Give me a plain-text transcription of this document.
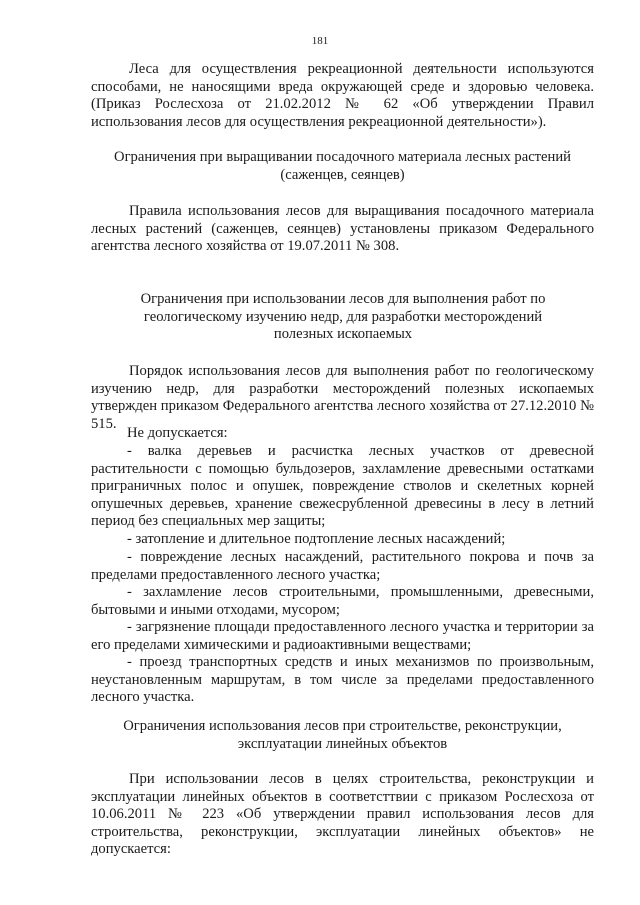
181

Леса для осуществления рекреационной деятельности используются способами, не наносящими вреда окружающей среде и здоровью человека. (Приказ Рослесхоза от 21.02.2012 № 62 «Об утверждении Правил использования лесов для осуществления рекреационной деятельности»).

Ограничения при выращивании посадочного материала лесных растений (саженцев, сеянцев)

Правила использования лесов для выращивания посадочного материала лесных растений (саженцев, сеянцев) установлены приказом Федерального агентства лесного хозяйства от 19.07.2011 № 308.

Ограничения при использовании лесов для выполнения работ по геологическому изучению недр, для разработки месторождений полезных ископаемых

Порядок использования лесов для выполнения работ по геологическому изучению недр, для разработки месторождений полезных ископаемых утвержден приказом Федерального агентства лесного хозяйства от 27.12.2010 № 515.

Не допускается:

- валка деревьев и расчистка лесных участков от древесной растительности с помощью бульдозеров, захламление древесными остатками приграничных полос и опушек, повреждение стволов и скелетных корней опушечных деревьев, хранение свежесрубленной древесины в лесу в летний период без специальных мер защиты;

- затопление и длительное подтопление лесных насаждений;

- повреждение лесных насаждений, растительного покрова и почв за пределами предоставленного лесного участка;

- захламление лесов строительными, промышленными, древесными, бытовыми и иными отходами, мусором;

- загрязнение площади предоставленного лесного участка и территории за его пределами химическими и радиоактивными веществами;

- проезд транспортных средств и иных механизмов по произвольным, неустановленным маршрутам, в том числе за пределами предоставленного лесного участка.

Ограничения использования лесов при строительстве, реконструкции, эксплуатации линейных объектов

При использовании лесов в целях строительства, реконструкции и эксплуатации линейных объектов в соответсттвии с приказом Рослесхоза от 10.06.2011 № 223 «Об утверждении правил использования лесов для строительства, реконструкции, эксплуатации линейных объектов» не допускается:
